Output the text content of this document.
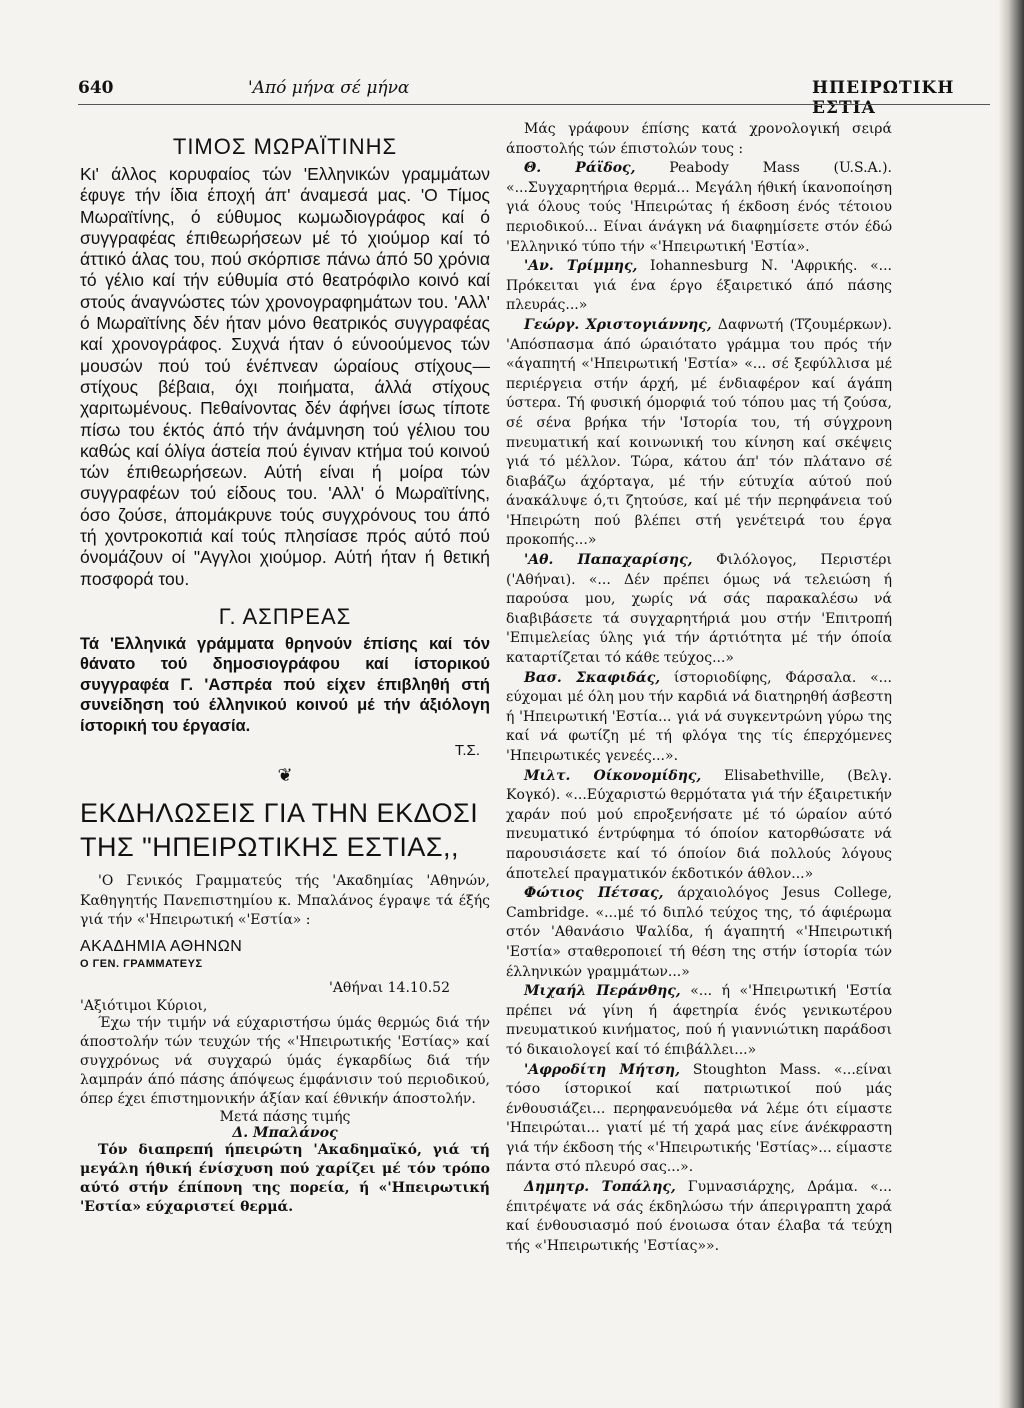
640	'Από μήνα σέ μήνα	ΗΠΕΙΡΩΤΙΚΗ ΕΣΤΙΑ
ΤΙΜΟΣ ΜΩΡΑΪΤΙΝΗΣ

Κι' άλλος κορυφαίος τών 'Ελληνικών γραμμάτων έφυγε τήν ίδια έποχή άπ' άναμεσά μας. 'Ο Τίμος Μωραϊτίνης, ό εύθυμος κωμωδιογράφος καί ό συγγραφέας έπιθεωρήσεων μέ τό χιούμορ καί τό άττικό άλας του, πού σκόρπισε πάνω άπό 50 χρόνια τό γέλιο καί τήν εύθυμία στό θεατρόφιλο κοινό καί στούς άναγνώστες τών χρονογραφημάτων του. 'Αλλ' ό Μωραϊτίνης δέν ήταν μόνο θεατρικός συγγραφέας καί χρονογράφος. Συχνά ήταν ό εύνοούμενος τών μουσών πού τού ένέπνεαν ώραίους στίχους—στίχους βέβαια, όχι ποιήματα, άλλά στίχους χαριτωμένους. Πεθαίνοντας δέν άφήνει ίσως τίποτε πίσω του έκτός άπό τήν άνάμνηση τού γέλιου του καθώς καί όλίγα άστεία πού έγιναν κτήμα τού κοινού τών έπιθεωρήσεων. Αύτή είναι ή μοίρα τών συγγραφέων τού είδους του. 'Αλλ' ό Μωραϊτίνης, όσο ζούσε, άπομάκρυνε τούς συγχρόνους του άπό τή χοντροκοπιά καί τούς πλησίασε πρός αύτό πού όνομάζουν οί "Αγγλοι χιούμορ. Αύτή ήταν ή θετική ποσφορά του.

Γ. ΑΣΠΡΕΑΣ

Τά 'Ελληνικά γράμματα θρηνούν έπίσης καί τόν θάνατο τού δημοσιογράφου καί ίστορικού συγγραφέα Γ. 'Ασπρέα πού είχεν έπιβληθή στή συνείδηση τού έλληνικού κοινού μέ τήν άξιόλογη ίστορική του έργασία.

Τ.Σ.
❦
ΕΚΔΗΛΩΣΕΙΣ ΓΙΑ ΤΗΝ ΕΚΔΟΣΙ ΤΗΣ "ΗΠΕΙΡΩΤΙΚΗΣ ΕΣΤΙΑΣ,,

'Ο Γενικός Γραμματεύς τής 'Ακαδημίας 'Αθηνών, Καθηγητής Πανεπιστημίου κ. Μπαλάνος έγραψε τά έξής γιά τήν «'Ηπειρωτική «'Εστία» :

ΑΚΑΔΗΜΙΑ ΑΘΗΝΩΝ
Ο ΓΕΝ. ΓΡΑΜΜΑΤΕΥΣ
'Αθήναι 14.10.52
'Αξιότιμοι Κύριοι,

Έχω τήν τιμήν νά εύχαριστήσω ύμάς θερμώς διά τήν άποστολήν τών τευχών τής «'Ηπειρωτικής 'Εστίας» καί συγχρόνως νά συγχαρώ ύμάς έγκαρδίως διά τήν λαμπράν άπό πάσης άπόψεως έμφάνισιν τού περιοδικού, όπερ έχει έπιστημονικήν άξίαν καί έθνικήν άποστολήν.

Μετά πάσης τιμής
Δ. Μπαλάνος

Τόν διαπρεπή ήπειρώτη 'Ακαδημαϊκό, γιά τή μεγάλη ήθική ένίσχυση πού χαρίζει μέ τόν τρόπο αύτό στήν έπίπονη της πορεία, ή «'Ηπειρωτική 'Εστία» εύχαριστεί θερμά.

Μάς γράφουν έπίσης κατά χρονολογική σειρά άποστολής τών έπιστολών τους :

Θ. Ράϊδος, Peabody Mass (U.S.A.). «...Συγχαρητήρια θερμά... Μεγάλη ήθική ίκανοποίηση γιά όλους τούς 'Ηπειρώτας ή έκδοση ένός τέτοιου περιοδικού... Είναι άνάγκη νά διαφημίσετε στόν έδώ 'Ελληνικό τύπο τήν «'Ηπειρωτική 'Εστία».

'Αν. Τρίμμης, Iohannesburg Ν. 'Αφρικής. «... Πρόκειται γιά ένα έργο έξαιρετικό άπό πάσης πλευράς...»

Γεώργ. Χριστογιάννης, Δαφνωτή (Τζουμέρκων). 'Απόσπασμα άπό ώραιότατο γράμμα του πρός τήν «άγαπητή «'Ηπειρωτική 'Εστία» «... σέ ξεφύλλισα μέ περιέργεια στήν άρχή, μέ ένδιαφέρον καί άγάπη ύστερα. Τή φυσική όμορφιά τού τόπου μας τή ζούσα, σέ σένα βρήκα τήν 'Ιστορία του, τή σύγχρονη πνευματική καί κοινωνική του κίνηση καί σκέψεις γιά τό μέλλον. Τώρα, κάτου άπ' τόν πλάτανο σέ διαβάζω άχόρταγα, μέ τήν εύτυχία αύτού πού άνακάλυψε ό,τι ζητούσε, καί μέ τήν περηφάνεια τού 'Ηπειρώτη πού βλέπει στή γενέτειρά του έργα προκοπής...»

'Αθ. Παπαχαρίσης, Φιλόλογος, Περιστέρι ('Αθήναι). «... Δέν πρέπει όμως νά τελειώση ή παρούσα μου, χωρίς νά σάς παρακαλέσω νά διαβιβάσετε τά συγχαρητήριά μου στήν 'Επιτροπή 'Επιμελείας ύλης γιά τήν άρτιότητα μέ τήν όποία καταρτίζεται τό κάθε τεύχος...»

Βασ. Σκαφιδάς, ίστοριοδίφης, Φάρσαλα. «... εύχομαι μέ όλη μου τήν καρδιά νά διατηρηθή άσβεστη ή 'Ηπειρωτική 'Εστία... γιά νά συγκεντρώνη γύρω της καί νά φωτίζη μέ τή φλόγα της τίς έπερχόμενες 'Ηπειρωτικές γενεές...».

Μιλτ. Οίκονομίδης, Elisabethville, (Βελγ. Κογκό). «...Εύχαριστώ θερμότατα γιά τήν έξαιρετικήν χαράν πού μού επροξενήσατε μέ τό ώραίον αύτό πνευματικό έντρύφημα τό όποίον κατορθώσατε νά παρουσιάσετε καί τό όποίον διά πολλούς λόγους άποτελεί πραγματικόν έκδοτικόν άθλον...»

Φώτιος Πέτσας, άρχαιολόγος Jesus College, Cambridge. «...μέ τό διπλό τεύχος της, τό άφιέρωμα στόν 'Αθανάσιο Ψαλίδα, ή άγαπητή «'Ηπειρωτική 'Εστία» σταθεροποιεί τή θέση της στήν ίστορία τών έλληνικών γραμμάτων...»

Μιχαήλ Περάνθης, «... ή «'Ηπειρωτική 'Εστία πρέπει νά γίνη ή άφετηρία ένός γενικωτέρου πνευματικού κινήματος, πού ή γιαννιώτικη παράδοσι τό δικαιολογεί καί τό έπιβάλλει...»

'Αφροδίτη Μήτση, Stoughton Mass. «...είναι τόσο ίστορικοί καί πατριωτικοί πού μάς ένθουσιάζει... περηφανευόμεθα νά λέμε ότι είμαστε 'Ηπειρώται... γιατί μέ τή χαρά μας είνε άνέκφραστη γιά τήν έκδοση τής «'Ηπειρωτικής 'Εστίας»... είμαστε πάντα στό πλευρό σας...».

Δημητρ. Τοπάλης, Γυμνασιάρχης, Δράμα. «... έπιτρέψατε νά σάς έκδηλώσω τήν άπεριγραπτη χαρά καί ένθουσιασμό πού ένοιωσα όταν έλαβα τά τεύχη τής «'Ηπειρωτικής 'Εστίας»».
